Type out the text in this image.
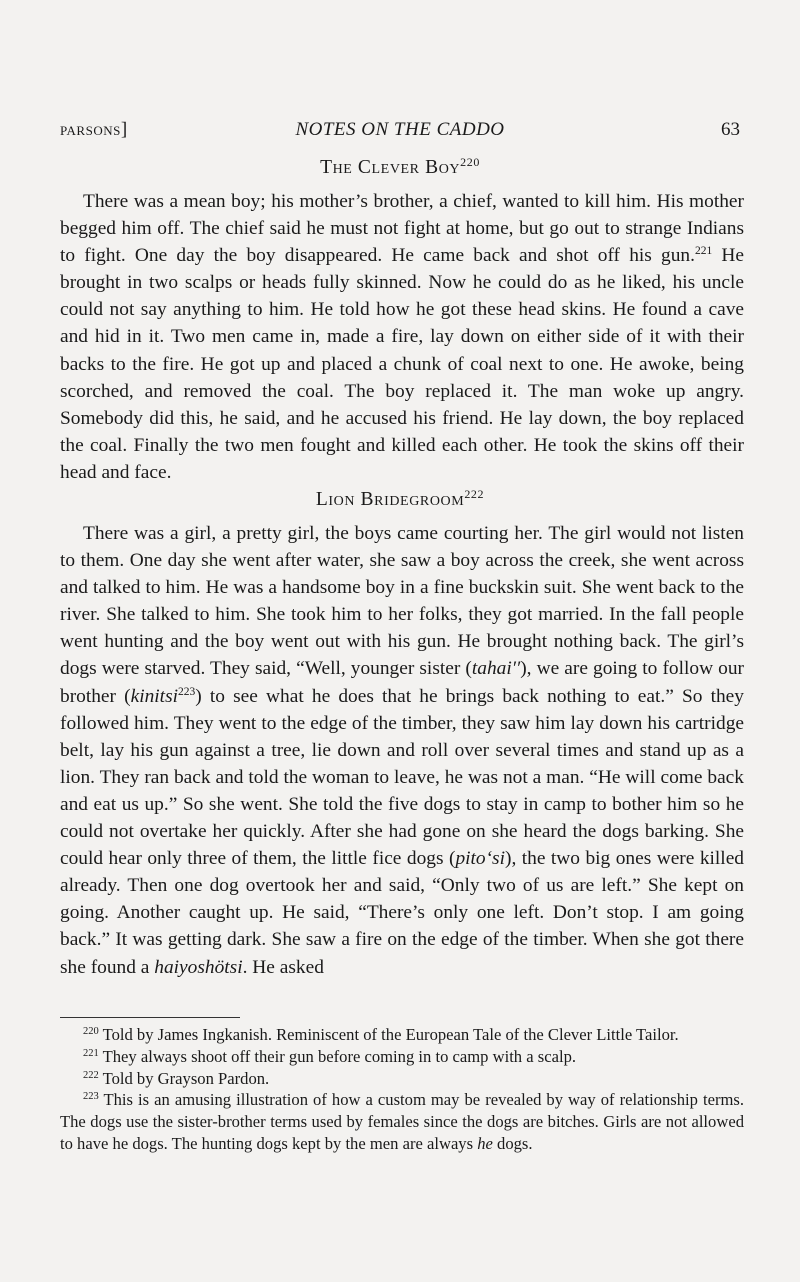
parsons]	NOTES ON THE CADDO	63
The Clever Boy$^{220}$

There was a mean boy; his mother’s brother, a chief, wanted to kill him. His mother begged him off. The chief said he must not fight at home, but go out to strange Indians to fight. One day the boy disappeared. He came back and shot off his gun.$^{221}$ He brought in two scalps or heads fully skinned. Now he could do as he liked, his uncle could not say anything to him. He told how he got these head skins. He found a cave and hid in it. Two men came in, made a fire, lay down on either side of it with their backs to the fire. He got up and placed a chunk of coal next to one. He awoke, being scorched, and removed the coal. The boy replaced it. The man woke up angry. Somebody did this, he said, and he accused his friend. He lay down, the boy replaced the coal. Finally the two men fought and killed each other. He took the skins off their head and face.

Lion Bridegroom$^{222}$

There was a girl, a pretty girl, the boys came courting her. The girl would not listen to them. One day she went after water, she saw a boy across the creek, she went across and talked to him. He was a handsome boy in a fine buckskin suit. She went back to the river. She talked to him. She took him to her folks, they got married. In the fall people went hunting and the boy went out with his gun. He brought nothing back. The girl’s dogs were starved. They said, “Well, younger sister (tahai′′), we are going to follow our brother (kinitsi$^{223}$) to see what he does that he brings back nothing to eat.” So they followed him. They went to the edge of the timber, they saw him lay down his cartridge belt, lay his gun against a tree, lie down and roll over several times and stand up as a lion. They ran back and told the woman to leave, he was not a man. “He will come back and eat us up.” So she went. She told the five dogs to stay in camp to bother him so he could not overtake her quickly. After she had gone on she heard the dogs barking. She could hear only three of them, the little fice dogs (pito‘si), the two big ones were killed already. Then one dog overtook her and said, “Only two of us are left.” She kept on going. Another caught up. He said, “There’s only one left. Don’t stop. I am going back.” It was getting dark. She saw a fire on the edge of the timber. When she got there she found a haiyoshötsi. He asked

$^{220}$ Told by James Ingkanish. Reminiscent of the European Tale of the Clever Little Tailor.

$^{221}$ They always shoot off their gun before coming in to camp with a scalp.

$^{222}$ Told by Grayson Pardon.

$^{223}$ This is an amusing illustration of how a custom may be revealed by way of relationship terms. The dogs use the sister-brother terms used by females since the dogs are bitches. Girls are not allowed to have he dogs. The hunting dogs kept by the men are always he dogs.
